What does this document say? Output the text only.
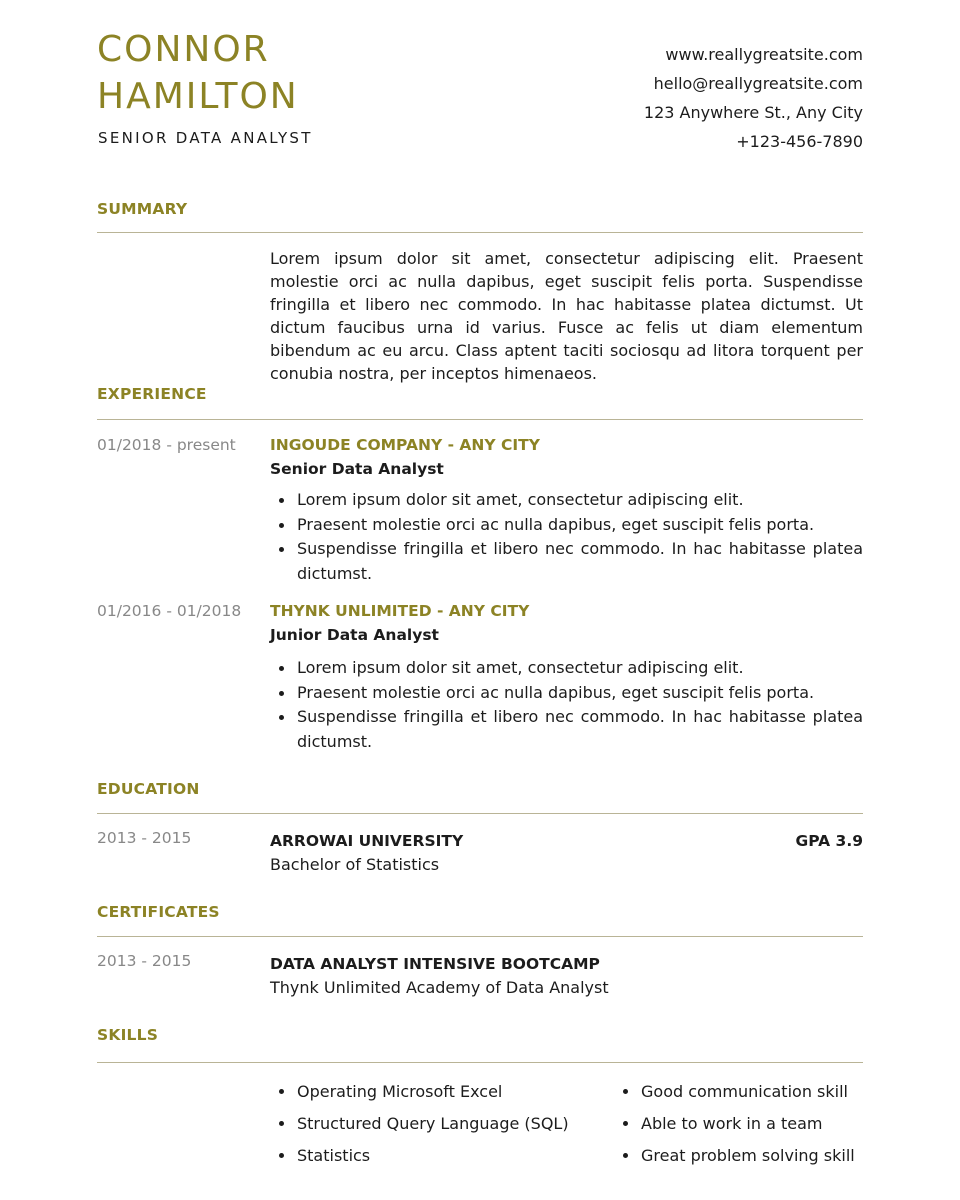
CONNOR HAMILTON
SENIOR DATA ANALYST
www.reallygreatsite.com
hello@reallygreatsite.com
123 Anywhere St., Any City
+123-456-7890
SUMMARY
Lorem ipsum dolor sit amet, consectetur adipiscing elit. Praesent molestie orci ac nulla dapibus, eget suscipit felis porta. Suspendisse fringilla et libero nec commodo. In hac habitasse platea dictumst. Ut dictum faucibus urna id varius. Fusce ac felis ut diam elementum bibendum ac eu arcu. Class aptent taciti sociosqu ad litora torquent per conubia nostra, per inceptos himenaeos.
EXPERIENCE
01/2018 - present INGOUDE COMPANY - ANY CITY
Senior Data Analyst
Lorem ipsum dolor sit amet, consectetur adipiscing elit.
Praesent molestie orci ac nulla dapibus, eget suscipit felis porta.
Suspendisse fringilla et libero nec commodo. In hac habitasse platea dictumst.
01/2016 - 01/2018 THYNK UNLIMITED - ANY CITY
Junior Data Analyst
Lorem ipsum dolor sit amet, consectetur adipiscing elit.
Praesent molestie orci ac nulla dapibus, eget suscipit felis porta.
Suspendisse fringilla et libero nec commodo. In hac habitasse platea dictumst.
EDUCATION
2013 - 2015	ARROWAI UNIVERSITY	GPA 3.9
Bachelor of Statistics
CERTIFICATES
2013 - 2015	DATA ANALYST INTENSIVE BOOTCAMP
Thynk Unlimited Academy of Data Analyst
SKILLS
Operating Microsoft Excel
Structured Query Language (SQL)
Statistics
Good communication skill
Able to work in a team
Great problem solving skill
